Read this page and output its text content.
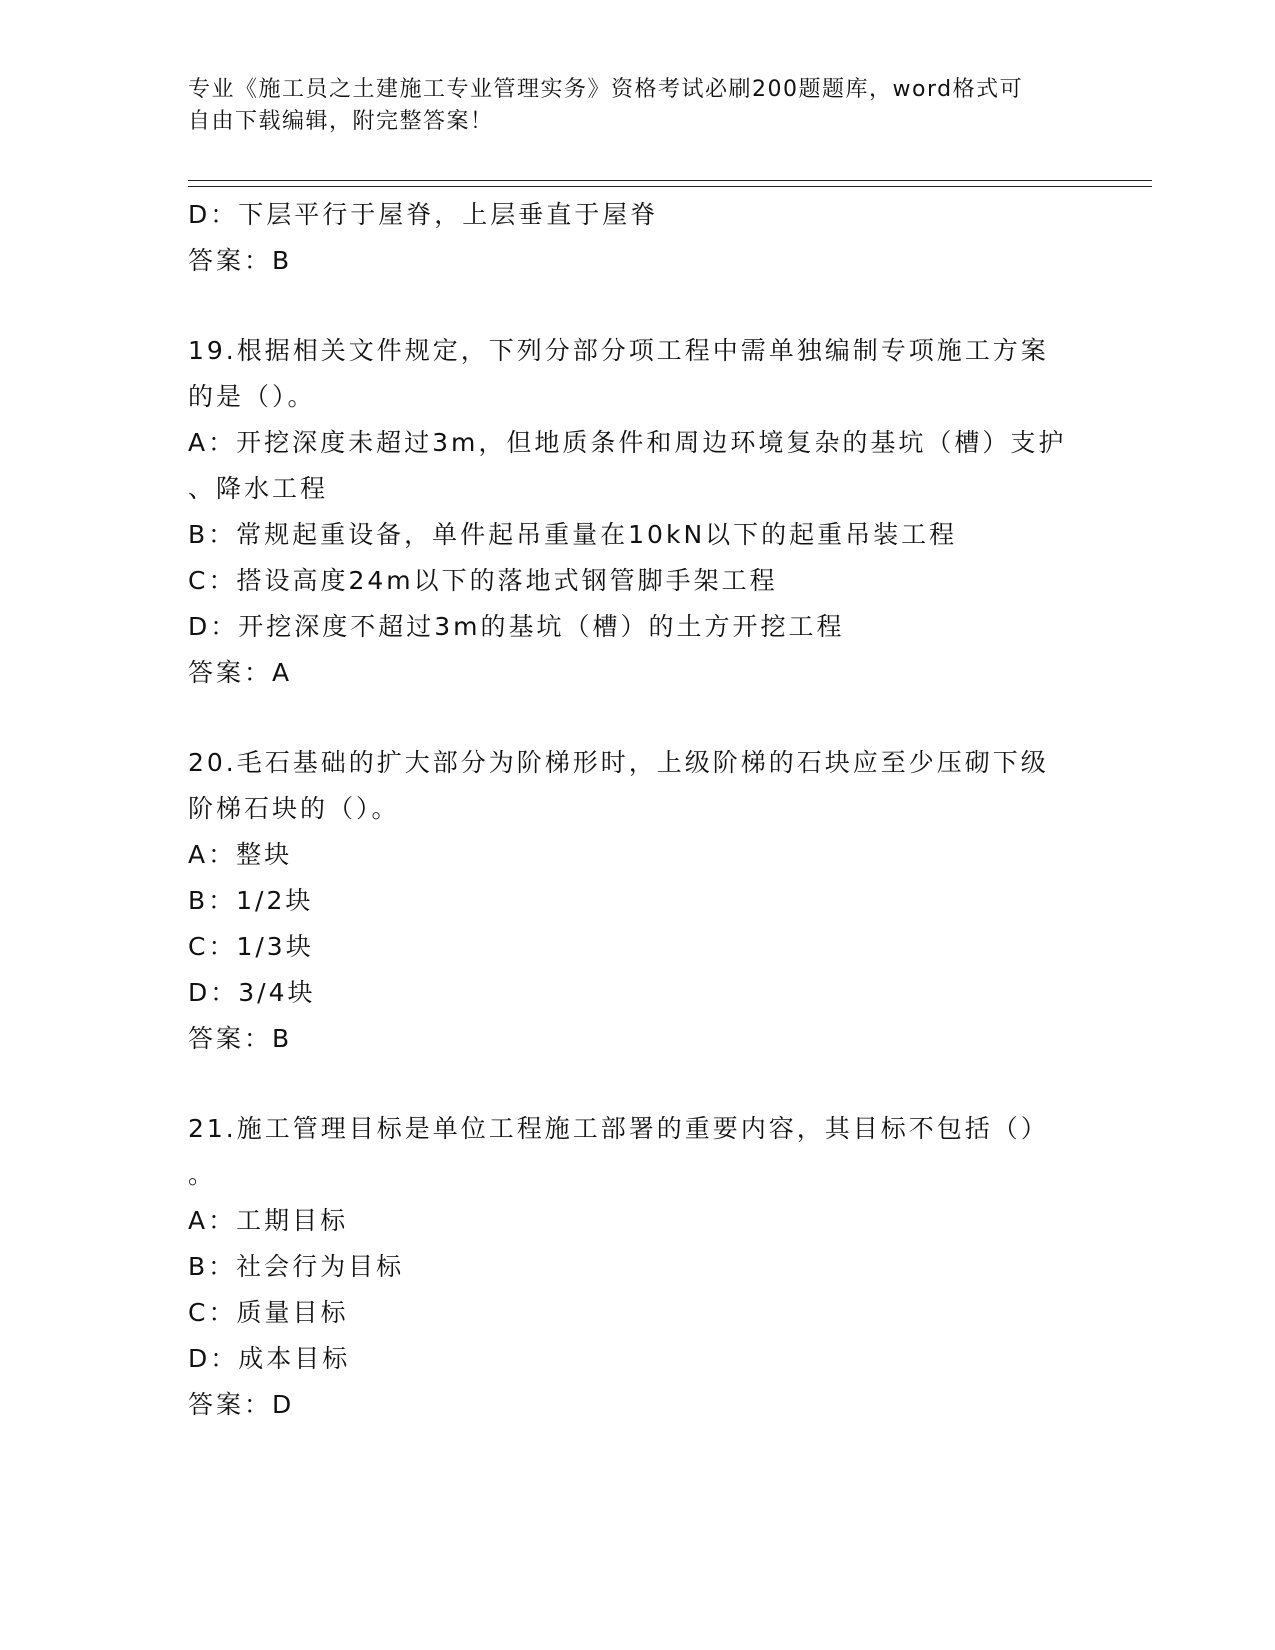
专业《施工员之土建施工专业管理实务》资格考试必刷200题题库，word格式可
自由下载编辑，附完整答案！
D：下层平行于屋脊，上层垂直于屋脊
答案：B
19.根据相关文件规定，下列分部分项工程中需单独编制专项施工方案
的是（）。
A：开挖深度未超过3m，但地质条件和周边环境复杂的基坑（槽）支护
、降水工程
B：常规起重设备，单件起吊重量在10kN以下的起重吊装工程
C：搭设高度24m以下的落地式钢管脚手架工程
D：开挖深度不超过3m的基坑（槽）的土方开挖工程
答案：A
20.毛石基础的扩大部分为阶梯形时，上级阶梯的石块应至少压砌下级
阶梯石块的（）。
A：整块
B：1/2块
C：1/3块
D：3/4块
答案：B
21.施工管理目标是单位工程施工部署的重要内容，其目标不包括（）
。
A：工期目标
B：社会行为目标
C：质量目标
D：成本目标
答案：D
